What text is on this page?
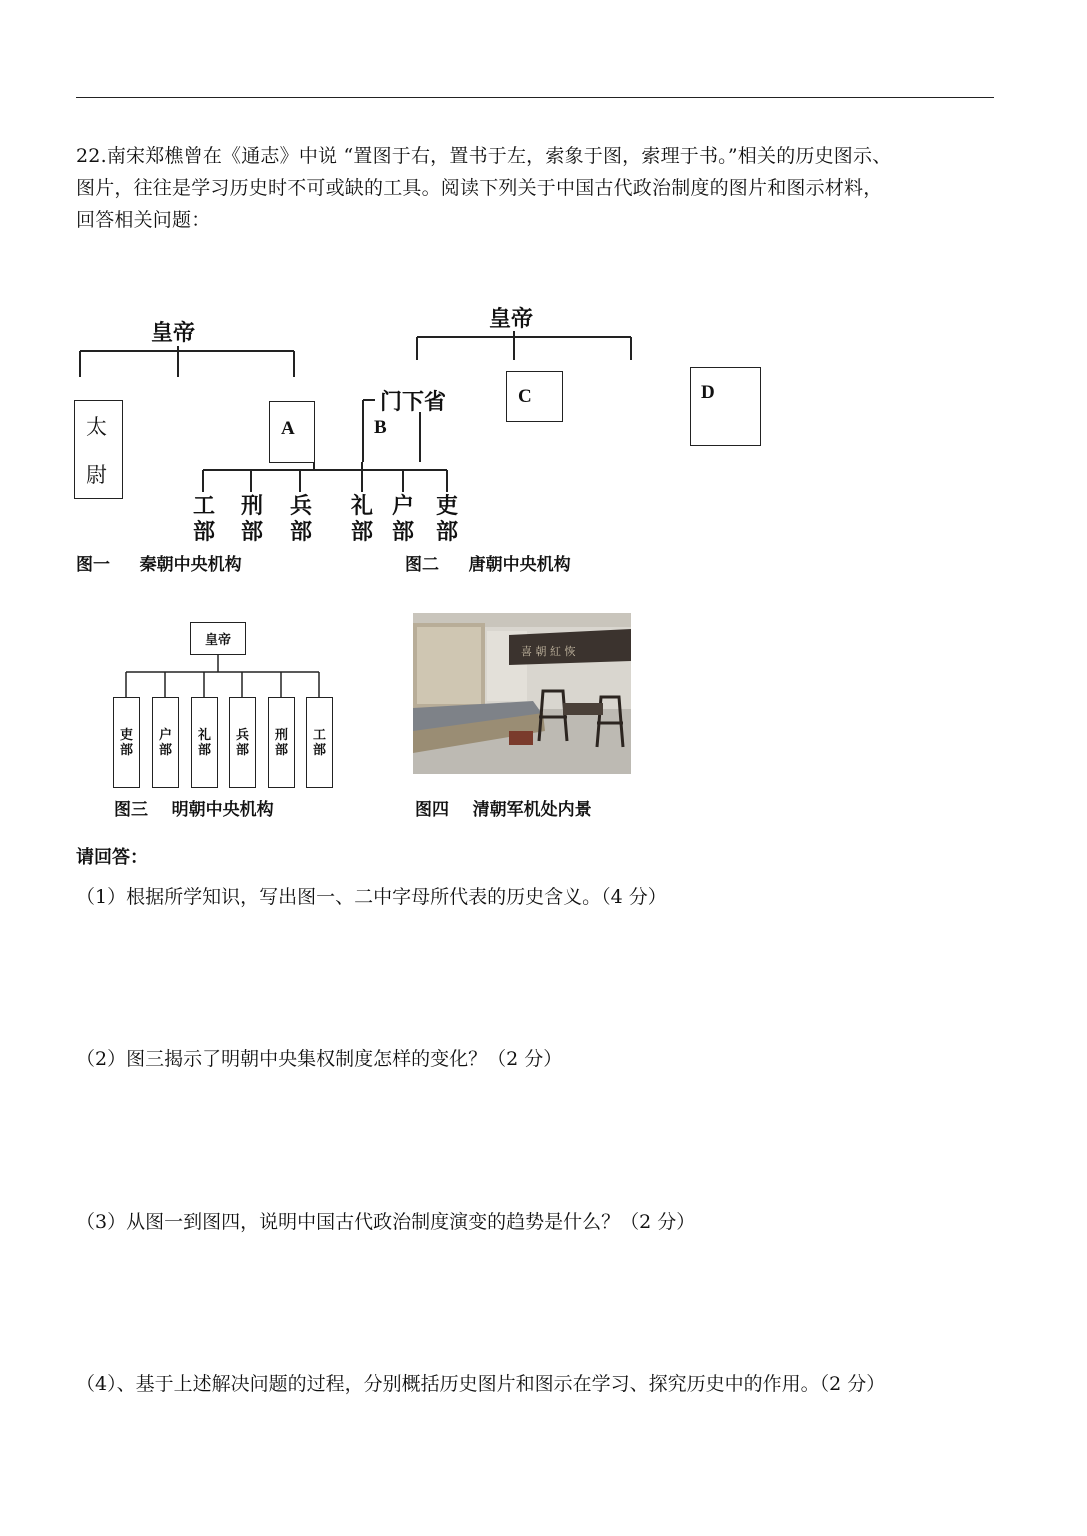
22.南宋郑樵曾在《通志》中说 “置图于右，置书于左，索象于图，索理于书。”相关的历史图示、

图片，往往是学习历史时不可或缺的工具。阅读下列关于中国古代政治制度的图片和图示材料，

回答相关问题：

皇帝
太
尉
A
皇帝
门下省
B
C	D
工
部
刑
部
兵
部
礼
部
户
部
吏
部
图一     秦朝中央机构	图二     唐朝中央机构
皇帝
吏部
户部
礼部
兵部
刑部
工部
图三    明朝中央机构
喜 朝 紅 恢
图四    清朝军机处内景
请回答：
（1）根据所学知识，写出图一、二中字母所代表的历史含义。（4 分）
（2）图三揭示了明朝中央集权制度怎样的变化？（2 分）
（3）从图一到图四，说明中国古代政治制度演变的趋势是什么？（2 分）
（4）、基于上述解决问题的过程，分别概括历史图片和图示在学习、探究历史中的作用。（2 分）
